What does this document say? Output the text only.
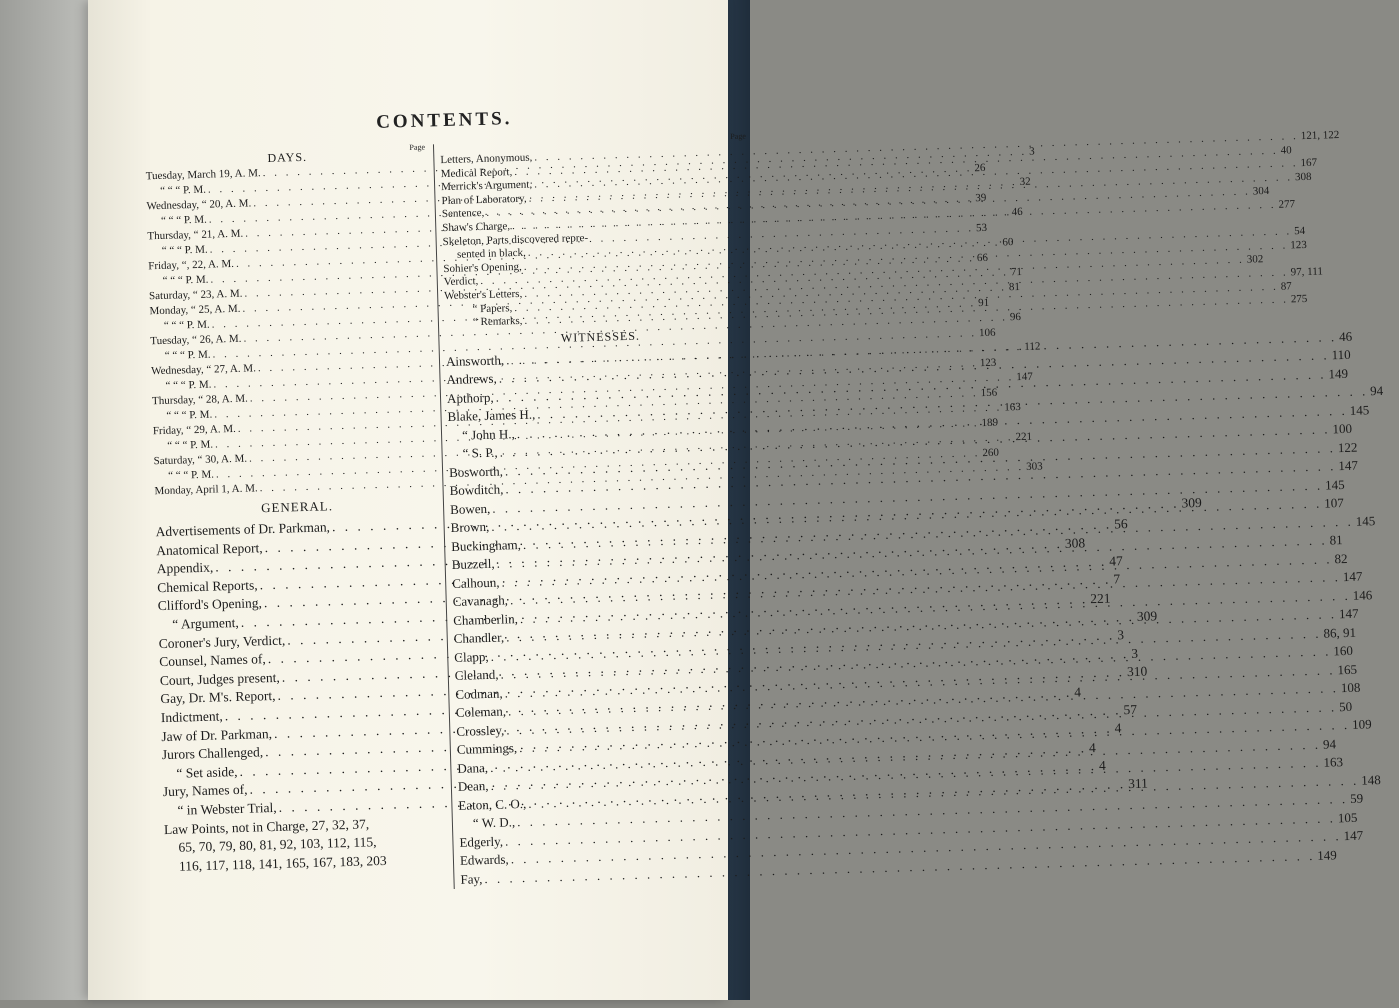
CONTENTS.
DAYS.
Page
Tuesday, March 19, A. M.
. . .
3
“ “ “ P. M.
. . .
26
Wednesday, “ 20, A. M.
. . .
32
“ “ “ P. M.
. . .
39
Thursday, “ 21, A. M.
. . .
46
“ “ “ P. M.
. . .
53
Friday, “, 22, A. M.
. . .
60
“ “ “ P. M.
. . .
66
Saturday, “ 23, A. M.
. . .
71
Monday, “ 25, A. M.
. . .
81
“ “ “ P. M.
. . .
91
Tuesday, “ 26, A. M.
. . .
96
“ “ “ P. M.
. . .
106
Wednesday, “ 27, A. M.
. . .
112
“ “ “ P. M.
. . .
123
Thursday, “ 28, A. M.
. . .
147
“ “ “ P. M.
. . .
156
Friday, “ 29, A. M.
. . .
163
“ “ “ P. M.
. . .
189
Saturday, “ 30, A. M.
. . .
221
“ “ “ P. M.
. . .
260
Monday, April 1, A. M.
. . .
303
GENERAL.
Advertisements of Dr. Parkman,
. . .
309
Anatomical Report,
. . .
56
Appendix,
. . .
308
Chemical Reports,
. . .
47
Clifford's Opening,
. . .
7
“ Argument,
. . .
221
Coroner's Jury, Verdict,
. . .
309
Counsel, Names of,
. . .
3
Court, Judges present,
. . .
3
Gay, Dr. M's. Report,
. . .
310
Indictment,
. . .
4
Jaw of Dr. Parkman,
. . .
57
Jurors Challenged,
. . .
4
“ Set aside,
. . .
4
Jury, Names of,
. . .
4
“ in Webster Trial,
. . .
311
Law Points, not in Charge, 27, 32, 37,
65, 70, 79, 80, 81, 92, 103, 112, 115,
116, 117, 118, 141, 165, 167, 183, 203
Page
Letters, Anonymous,
. . .
121, 122
Medical Report,
. . .
40
Merrick's Argument,
. . .
167
Plan of Laboratory,
. . .
308
Sentence,
. . .
304
Shaw's Charge,
. . .
277
Skeleton, Parts discovered repre-
sented in black,
. . .
54
Sohier's Opening,
. . .
123
Verdict,
. . .
302
Webster's Letters,
. . .
97, 111
“ Papers,
. . .
87
“ Remarks,
. . .
275
WITNESSES.
Ainsworth,
. . .
46
Andrews,
. . .
110
Apthorp,
. . .
149
Blake, James H.,
. . .
94
“ John H.,
. . .
145
“ S. P.,
. . .
100
Bosworth,
. . .
122
Bowditch,
. . .
147
Bowen,
. . .
145
Brown,
. . .
107
Buckingham,
. . .
145
Buzzell,
. . .
81
Calhoun,
. . .
82
Cavanagh,
. . .
147
Chamberlin,
. . .
146
Chandler,
. . .
147
Clapp,
. . .
86, 91
Cleland,
. . .
160
Codman,
. . .
165
Coleman,
. . .
108
Crossley,
. . .
50
Cummings,
. . .
109
Dana,
. . .
94
Dean,
. . .
163
Eaton, C. O.,
. . .
148
“ W. D.,
. . .
59
Edgerly,
. . .
105
Edwards,
. . .
147
Fay,
. . .
149
